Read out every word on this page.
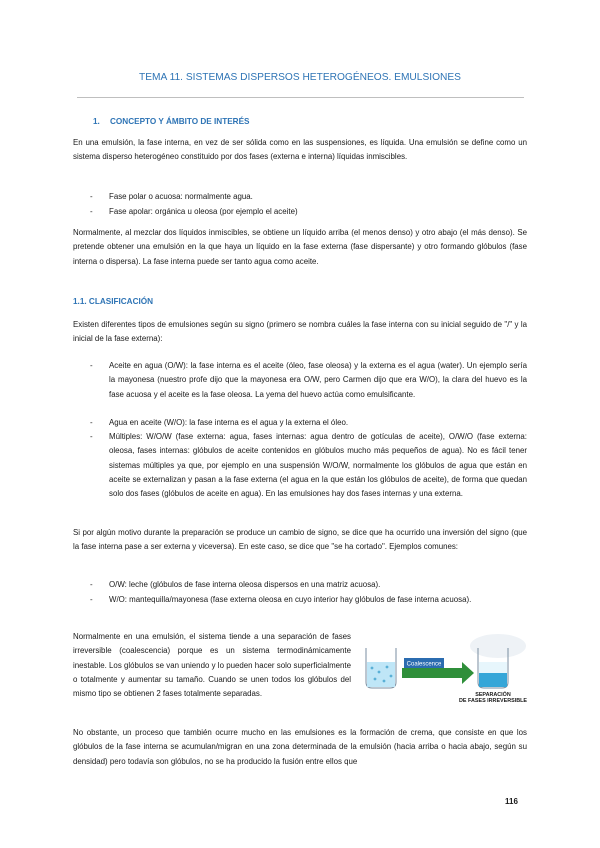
TEMA 11. SISTEMAS DISPERSOS HETEROGÉNEOS. EMULSIONES
1. CONCEPTO Y ÁMBITO DE INTERÉS

En una emulsión, la fase interna, en vez de ser sólida como en las suspensiones, es líquida. Una emulsión se define como un sistema disperso heterogéneo constituido por dos fases (externa e interna) líquidas inmiscibles.

- Fase polar o acuosa: normalmente agua.
- Fase apolar: orgánica u oleosa (por ejemplo el aceite)

Normalmente, al mezclar dos líquidos inmiscibles, se obtiene un líquido arriba (el menos denso) y otro abajo (el más denso). Se pretende obtener una emulsión en la que haya un líquido en la fase externa (fase dispersante) y otro formando glóbulos (fase interna o dispersa). La fase interna puede ser tanto agua como aceite.

1.1. CLASIFICACIÓN

Existen diferentes tipos de emulsiones según su signo (primero se nombra cuáles la fase interna con su inicial seguido de "/" y la inicial de la fase externa):

- Aceite en agua (O/W): la fase interna es el aceite (óleo, fase oleosa) y la externa es el agua (water). Un ejemplo sería la mayonesa (nuestro profe dijo que la mayonesa era O/W, pero Carmen dijo que era W/O), la clara del huevo es la fase acuosa y el aceite es la fase oleosa. La yema del huevo actúa como emulsificante.
- Agua en aceite (W/O): la fase interna es el agua y la externa el óleo.
- Múltiples: W/O/W (fase externa: agua, fases internas: agua dentro de gotículas de aceite), O/W/O (fase externa: oleosa, fases internas: glóbulos de aceite contenidos en glóbulos mucho más pequeños de agua). No es fácil tener sistemas múltiples ya que, por ejemplo en una suspensión W/O/W, normalmente los glóbulos de agua que están en aceite se externalizan y pasan a la fase externa (el agua en la que están los glóbulos de aceite), de forma que quedan solo dos fases (glóbulos de aceite en agua). En las emulsiones hay dos fases internas y una externa.

Si por algún motivo durante la preparación se produce un cambio de signo, se dice que ha ocurrido una inversión del signo (que la fase interna pase a ser externa y viceversa). En este caso, se dice que "se ha cortado". Ejemplos comunes:

- O/W: leche (glóbulos de fase interna oleosa dispersos en una matriz acuosa).
- W/O: mantequilla/mayonesa (fase externa oleosa en cuyo interior hay glóbulos de fase interna acuosa).

Normalmente en una emulsión, el sistema tiende a una separación de fases irreversible (coalescencia) porque es un sistema termodinámicamente inestable. Los glóbulos se van uniendo y lo pueden hacer solo superficialmente o totalmente y aumentar su tamaño. Cuando se unen todos los glóbulos del mismo tipo se obtienen 2 fases totalmente separadas.

Coalescence
SEPARACIÓN
DE FASES IRREVERSIBLE

No obstante, un proceso que también ocurre mucho en las emulsiones es la formación de crema, que consiste en que los glóbulos de la fase interna se acumulan/migran en una zona determinada de la emulsión (hacia arriba o hacia abajo, según su densidad) pero todavía son glóbulos, no se ha producido la fusión entre ellos que

116
